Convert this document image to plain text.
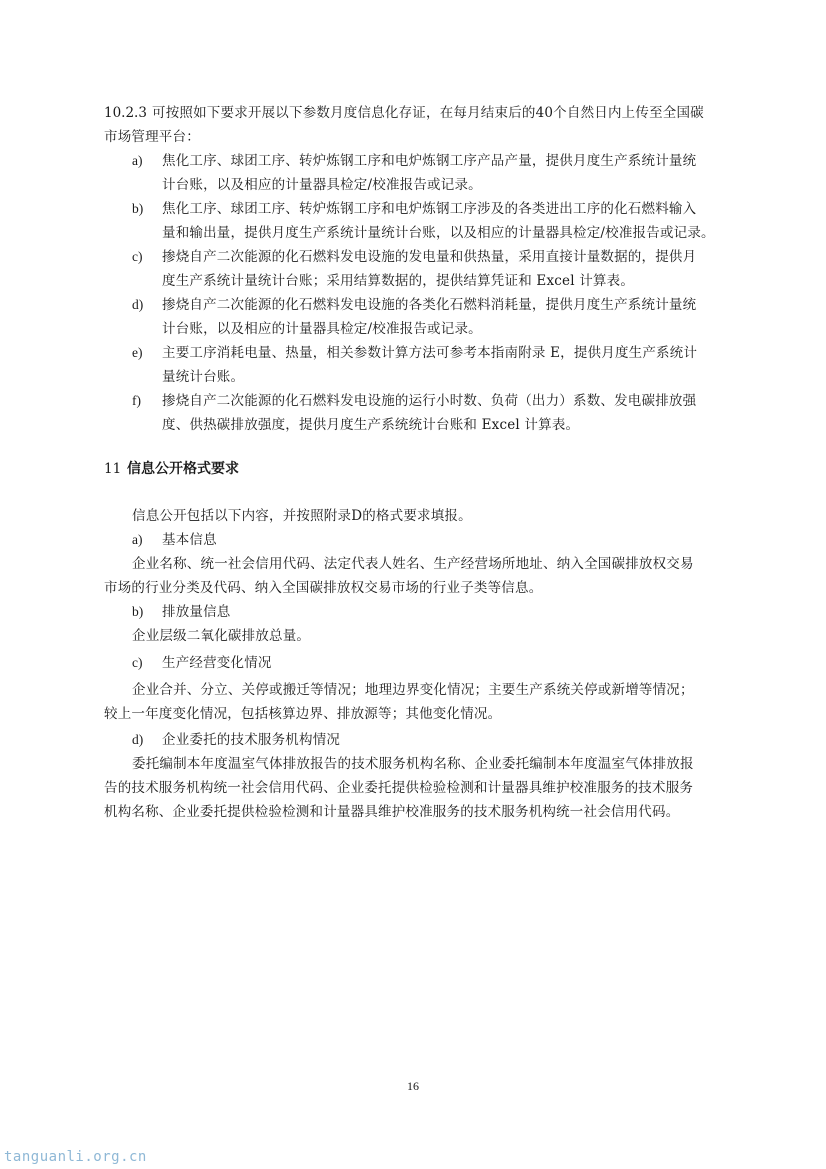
10.2.3 可按照如下要求开展以下参数月度信息化存证，在每月结束后的40个自然日内上传至全国碳
市场管理平台：
a) 焦化工序、球团工序、转炉炼钢工序和电炉炼钢工序产品产量，提供月度生产系统计量统
计台账，以及相应的计量器具检定/校准报告或记录。
b) 焦化工序、球团工序、转炉炼钢工序和电炉炼钢工序涉及的各类进出工序的化石燃料输入
量和输出量，提供月度生产系统计量统计台账，以及相应的计量器具检定/校准报告或记录。
c) 掺烧自产二次能源的化石燃料发电设施的发电量和供热量，采用直接计量数据的，提供月
度生产系统计量统计台账；采用结算数据的，提供结算凭证和 Excel 计算表。
d) 掺烧自产二次能源的化石燃料发电设施的各类化石燃料消耗量，提供月度生产系统计量统
计台账，以及相应的计量器具检定/校准报告或记录。
e) 主要工序消耗电量、热量，相关参数计算方法可参考本指南附录 E，提供月度生产系统计
量统计台账。
f) 掺烧自产二次能源的化石燃料发电设施的运行小时数、负荷（出力）系数、发电碳排放强
度、供热碳排放强度，提供月度生产系统统计台账和 Excel 计算表。
11 信息公开格式要求
信息公开包括以下内容，并按照附录D的格式要求填报。
a) 基本信息
企业名称、统一社会信用代码、法定代表人姓名、生产经营场所地址、纳入全国碳排放权交易
市场的行业分类及代码、纳入全国碳排放权交易市场的行业子类等信息。
b) 排放量信息
企业层级二氧化碳排放总量。
c) 生产经营变化情况
企业合并、分立、关停或搬迁等情况；地理边界变化情况；主要生产系统关停或新增等情况；
较上一年度变化情况，包括核算边界、排放源等；其他变化情况。
d) 企业委托的技术服务机构情况
委托编制本年度温室气体排放报告的技术服务机构名称、企业委托编制本年度温室气体排放报
告的技术服务机构统一社会信用代码、企业委托提供检验检测和计量器具维护校准服务的技术服务
机构名称、企业委托提供检验检测和计量器具维护校准服务的技术服务机构统一社会信用代码。
16
tanguanli.org.cn
